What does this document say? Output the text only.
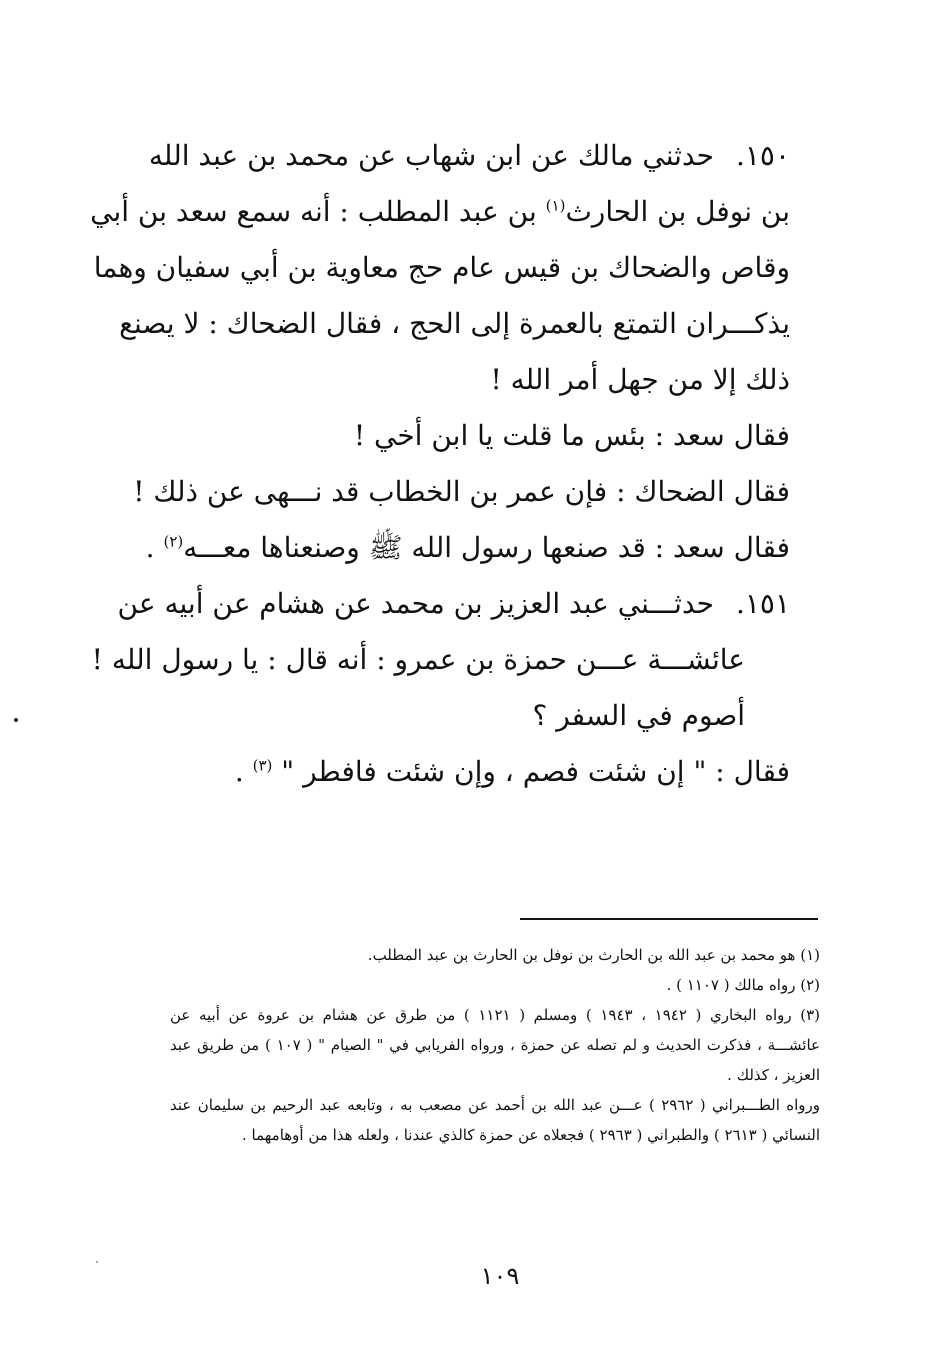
١٥٠.حدثني مالك عن ابن شهاب عن محمد بن عبد الله
بن نوفل بن الحارث$^{(١)}$ بن عبد المطلب : أنه سمع سعد بن أبي
وقاص والضحاك بن قيس عام حج معاوية بن أبي سفيان وهما
يذكـــران التمتع بالعمرة إلى الحج ، فقال الضحاك : لا يصنع
ذلك إلا من جهل أمر الله !
فقال سعد : بئس ما قلت يا ابن أخي !
فقال الضحاك : فإن عمر بن الخطاب قد نـــهى عن ذلك !
فقال سعد : قد صنعها رسول الله ﷺ وصنعناها معـــه$^{(٢)}$ .
١٥١.حدثـــني عبد العزيز بن محمد عن هشام عن أبيه عن
عائشـــة عـــن حمزة بن عمرو : أنه قال : يا رسول الله !
أصوم في السفر ؟
فقال : " إن شئت فصم ، وإن شئت فافطر " $^{(٣)}$ .
(١) هو محمد بن عبد الله بن الحارث بن نوفل بن الحارث بن عبد المطلب.
(٢) رواه مالك ( ١١٠٧ ) .
(٣) رواه البخاري ( ١٩٤٢ ، ١٩٤٣ ) ومسلم ( ١١٢١ ) من طرق عن هشام بن عروة عن أبيه عن
عائشـــة ، فذكرت الحديث و لم تصله عن حمزة ، ورواه الفريابي في " الصيام " ( ١٠٧ ) من طريق عبد
العزيز ، كذلك .
ورواه الطـــبراني ( ٢٩٦٢ ) عـــن عبد الله بن أحمد عن مصعب به ، وتابعه عبد الرحيم بن سليمان عند
النسائي ( ٢٦١٣ ) والطبراني ( ٢٩٦٣ ) فجعلاه عن حمزة كالذي عندنا ، ولعله هذا من أوهامهما .
١٠٩
